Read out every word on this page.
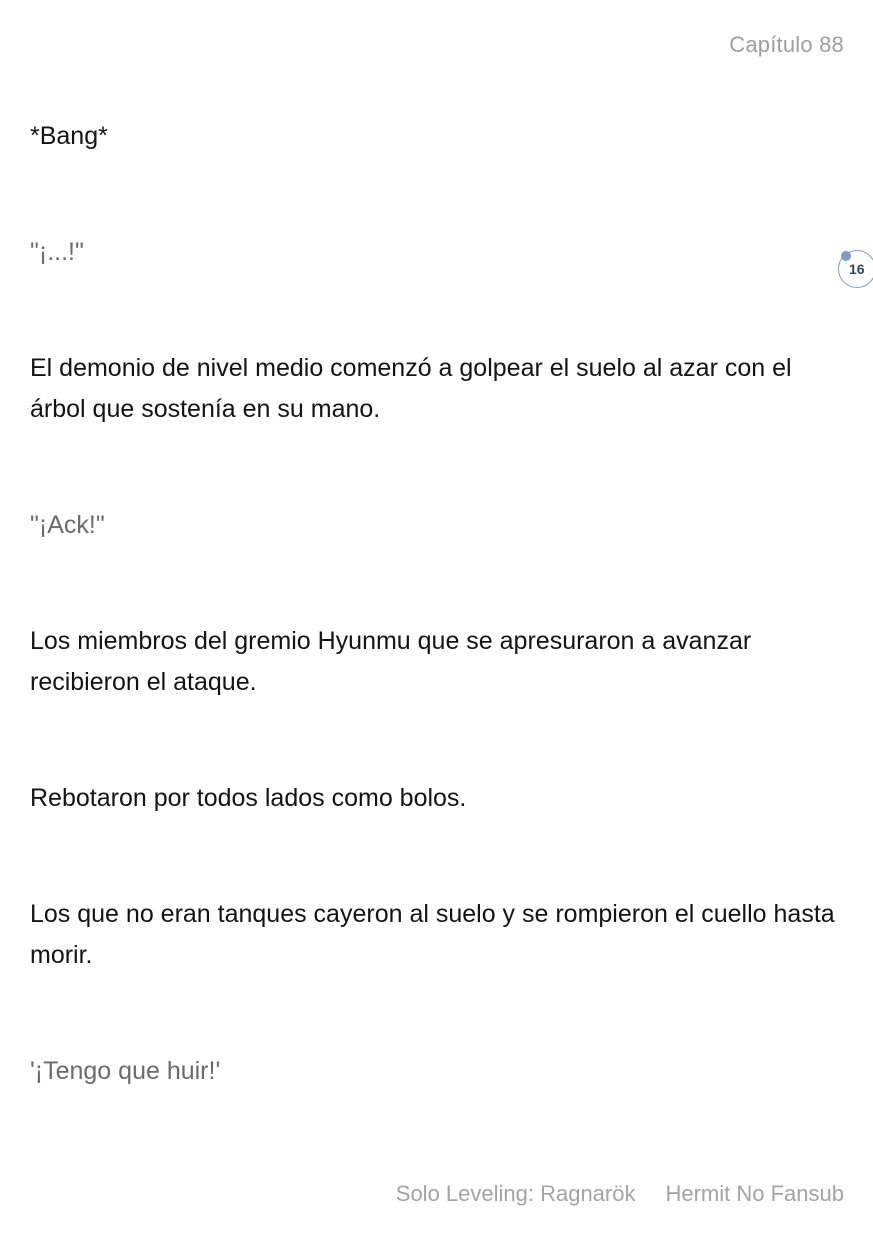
Capítulo 88

*Bang*

"¡...!"

El demonio de nivel medio comenzó a golpear el suelo al azar con el árbol que sostenía en su mano.

"¡Ack!"

Los miembros del gremio Hyunmu que se apresuraron a avanzar recibieron el ataque.

Rebotaron por todos lados como bolos.

Los que no eran tanques cayeron al suelo y se rompieron el cuello hasta morir.

'¡Tengo que huir!'

16
Solo Leveling: Ragnarök Hermit No Fansub
